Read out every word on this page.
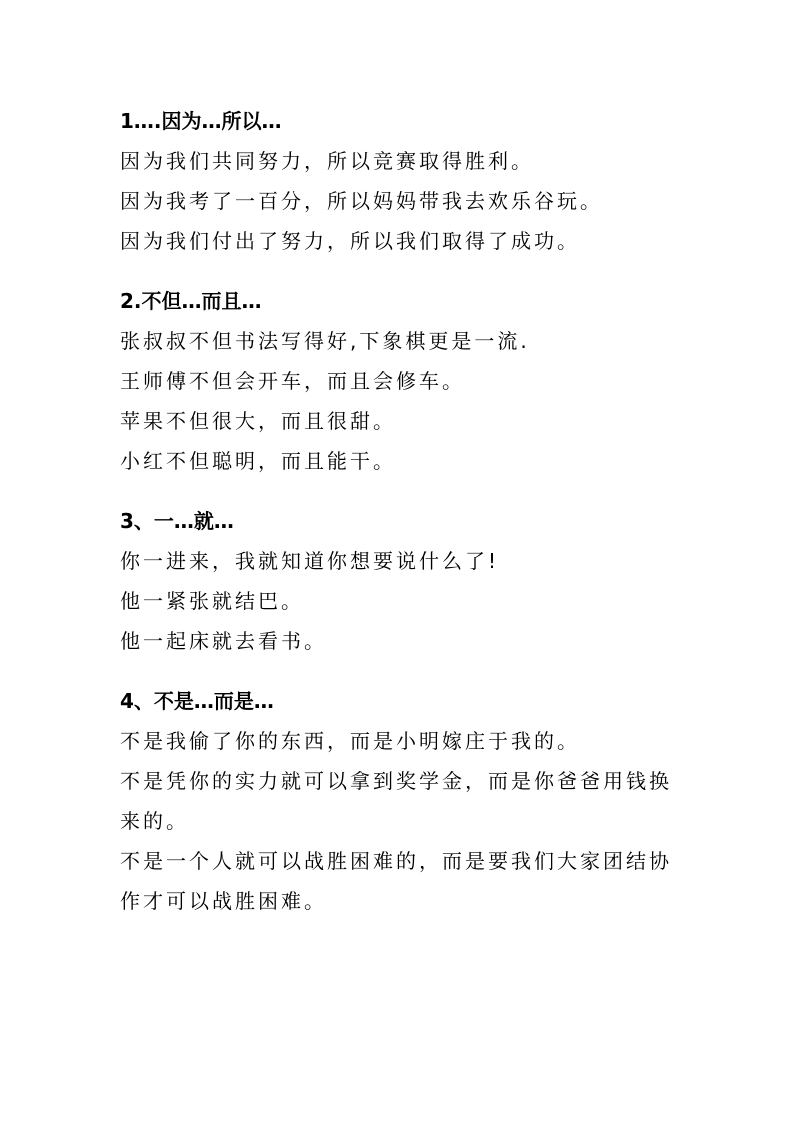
1….因为…所以…
因为我们共同努力，所以竞赛取得胜利。
因为我考了一百分，所以妈妈带我去欢乐谷玩。
因为我们付出了努力，所以我们取得了成功。
2.不但…而且…
张叔叔不但书法写得好,下象棋更是一流.
王师傅不但会开车，而且会修车。
苹果不但很大，而且很甜。
小红不但聪明，而且能干。
3、一…就…
你一进来，我就知道你想要说什么了!
他一紧张就结巴。
他一起床就去看书。
4、不是…而是…
不是我偷了你的东西，而是小明嫁庄于我的。
不是凭你的实力就可以拿到奖学金，而是你爸爸用钱换来的。
不是一个人就可以战胜困难的，而是要我们大家团结协作才可以战胜困难。
